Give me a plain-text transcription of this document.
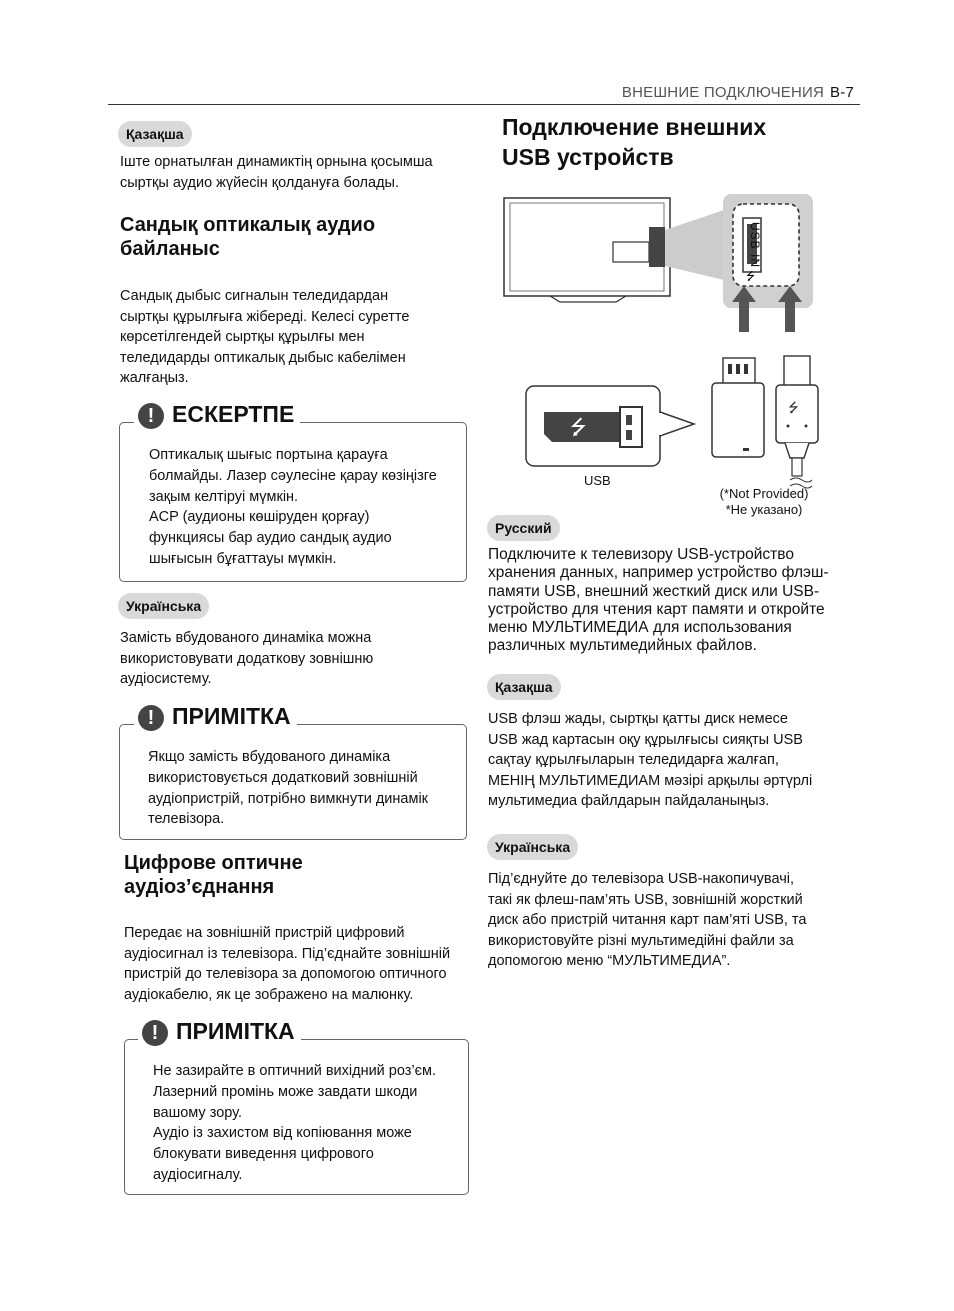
ВНЕШНИЕ ПОДКЛЮЧЕНИЯ B-7
Қазақша
Іште орнатылған динамиктің орнына қосымша
сыртқы аудио жүйесін қолдануға болады.
Сандық оптикалық аудио
байланыс
Сандық дыбыс сигналын теледидардан
сыртқы құрылғыға жібереді. Келесі суретте
көрсетілгендей сыртқы құрылғы мен
теледидарды оптикалық дыбыс кабелімен
жалғаңыз.
! ЕСКЕРТПЕ
Оптикалық шығыс портына қарауға
болмайды. Лазер сәулесіне қарау көзіңізге
зақым келтіруі мүмкін.
ACP (аудионы көшіруден қорғау)
функциясы бар аудио сандық аудио
шығысын бұғаттауы мүмкін.
Українська
Замість вбудованого динаміка можна
використовувати додаткову зовнішню
аудіосистему.
! ПРИМІТКА
Якщо замість вбудованого динаміка
використовується додатковий зовнішній
аудіопристрій, потрібно вимкнути динамік
телевізора.
Цифрове оптичне
аудіоз’єднання
Передає на зовнішній пристрій цифровий
аудіосигнал із телевізора. Під’єднайте зовнішній
пристрій до телевізора за допомогою оптичного
аудіокабелю, як це зображено на малюнку.
! ПРИМІТКА
Не зазирайте в оптичний вихідний роз’єм.
Лазерний промінь може завдати шкоди
вашому зору.
Аудіо із захистом від копіювання може
блокувати виведення цифрового
аудіосигналу.
Подключение внешних
USB устройств
⭍
⭍
⭍
USB IN
USB
(*Not Provided)
*Не указано)
Русский
Подключите к телевизору USB-устройство
хранения данных, например устройство флэш-
памяти USB, внешний жесткий диск или USB-
устройство для чтения карт памяти и откройте
меню МУЛЬТИМЕДИА для использования
различных мультимедийных файлов.
Қазақша
USB флэш жады, сыртқы қатты диск немесе
USB жад картасын оқу құрылғысы сияқты USB
сақтау құрылғыларын теледидарға жалғап,
МЕНІҢ МУЛЬТИМЕДИАМ мәзірі арқылы әртүрлі
мультимедиа файлдарын пайдаланыңыз.
Українська
Під’єднуйте до телевізора USB-накопичувачі,
такі як флеш-пам’ять USB, зовнішній жорсткий
диск або пристрій читання карт пам’яті USB, та
використовуйте різні мультимедійні файли за
допомогою меню “МУЛЬТИМЕДИА”.
